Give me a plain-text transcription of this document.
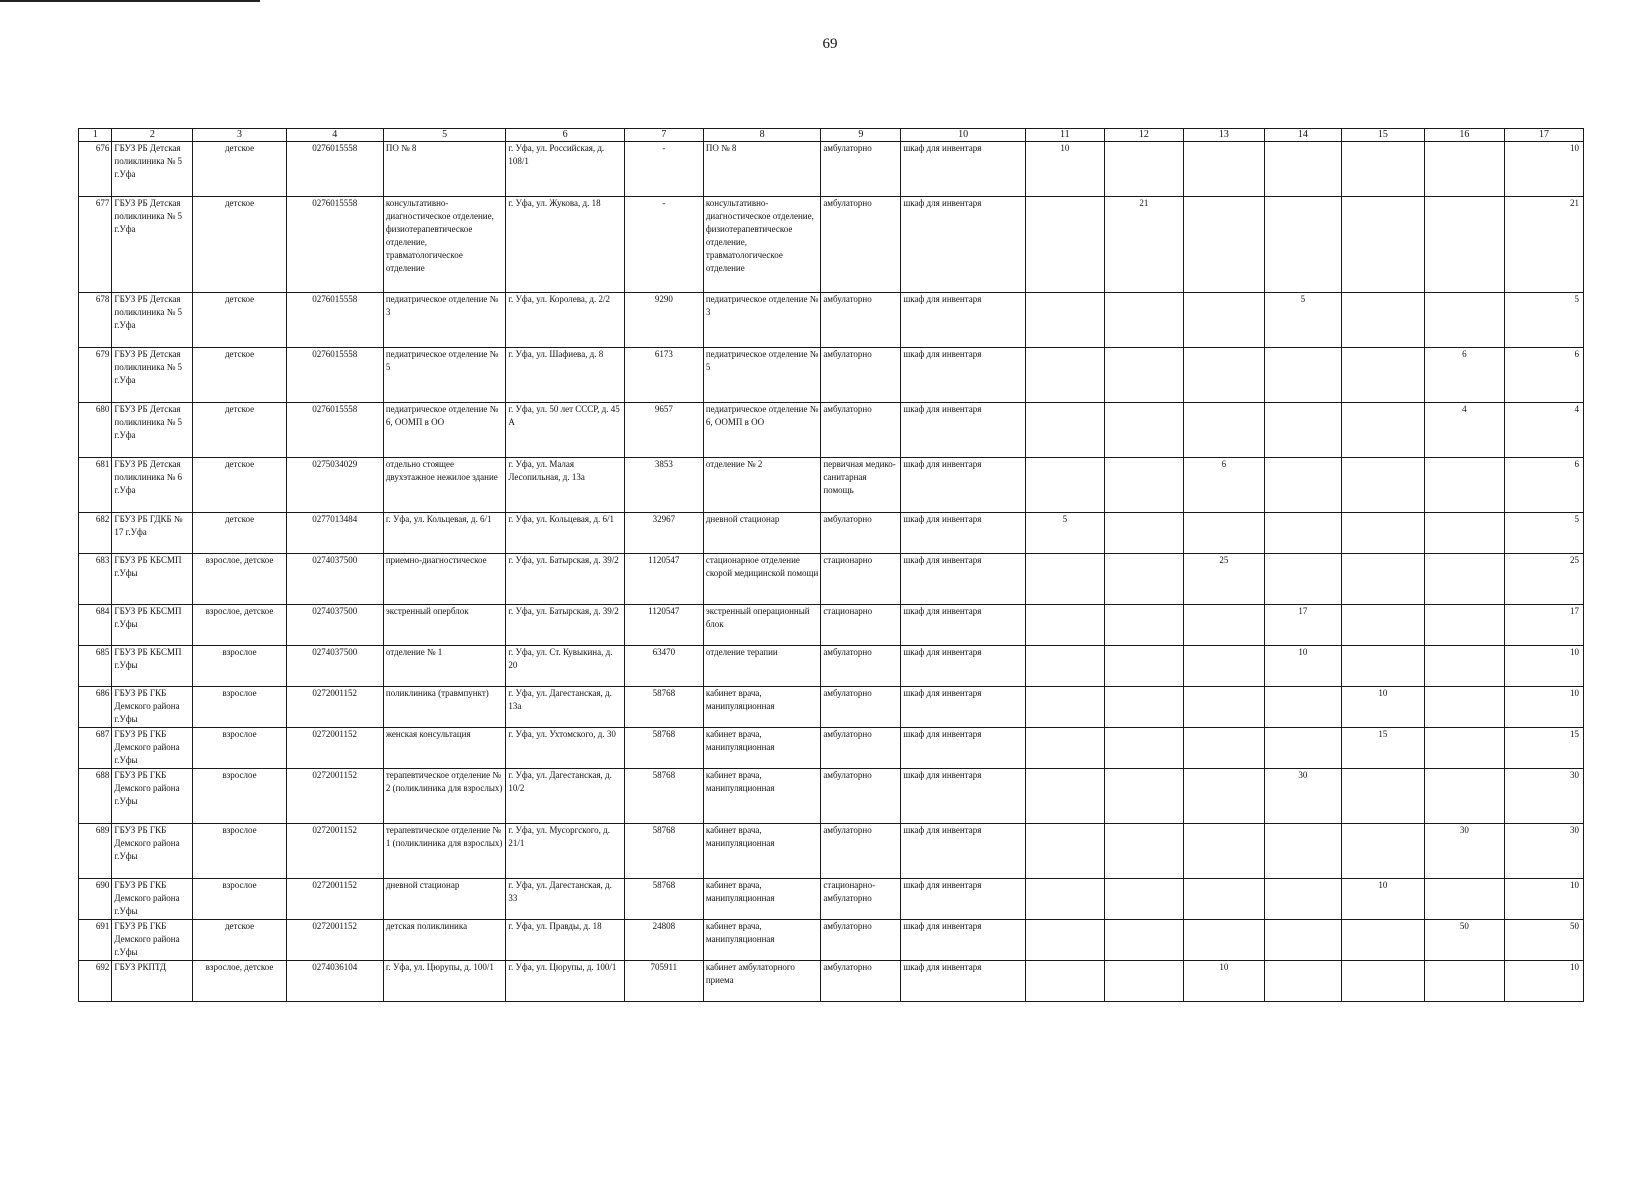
69
1	2	3	4	5	6	7	8	9	10	11	12	13	14	15	16	17
676	ГБУЗ РБ Детская поликлиника № 5 г.Уфа	детское	0276015558	ПО № 8	г. Уфа, ул. Российская, д. 108/1	-	ПО № 8	амбулаторно	шкаф для инвентаря	10						10
677	ГБУЗ РБ Детская поликлиника № 5 г.Уфа	детское	0276015558	консультативно-диагностическое отделение, физиотерапевтическое отделение, травматологическое отделение	г. Уфа, ул. Жукова, д. 18	-	консультативно-диагностическое отделение, физиотерапевтическое отделение, травматологическое отделение	амбулаторно	шкаф для инвентаря		21					21
678	ГБУЗ РБ Детская поликлиника № 5 г.Уфа	детское	0276015558	педиатрическое отделение № 3	г. Уфа, ул. Королева, д. 2/2	9290	педиатрическое отделение № 3	амбулаторно	шкаф для инвентаря				5			5
679	ГБУЗ РБ Детская поликлиника № 5 г.Уфа	детское	0276015558	педиатрическое отделение № 5	г. Уфа, ул. Шафиева, д. 8	6173	педиатрическое отделение № 5	амбулаторно	шкаф для инвентаря						6	6
680	ГБУЗ РБ Детская поликлиника № 5 г.Уфа	детское	0276015558	педиатрическое отделение № 6, ООМП в ОО	г. Уфа, ул. 50 лет СССР, д. 45 А	9657	педиатрическое отделение № 6, ООМП в ОО	амбулаторно	шкаф для инвентаря						4	4
681	ГБУЗ РБ Детская поликлиника № 6 г.Уфа	детское	0275034029	отдельно стоящее двухэтажное нежилое здание	г. Уфа, ул. Малая Лесопильная, д. 13а	3853	отделение № 2	первичная медико-санитарная помощь	шкаф для инвентаря			6				6
682	ГБУЗ РБ ГДКБ № 17 г.Уфа	детское	0277013484	г. Уфа, ул. Кольцевая, д. 6/1	г. Уфа, ул. Кольцевая, д. 6/1	32967	дневной стационар	амбулаторно	шкаф для инвентаря	5						5
683	ГБУЗ РБ КБСМП г.Уфы	взрослое, детское	0274037500	приемно-диагностическое	г. Уфа, ул. Батырская, д. 39/2	1120547	стационарное отделение скорой медицинской помощи	стационарно	шкаф для инвентаря			25				25
684	ГБУЗ РБ КБСМП г.Уфы	взрослое, детское	0274037500	экстренный оперблок	г. Уфа, ул. Батырская, д. 39/2	1120547	экстренный операционный блок	стационарно	шкаф для инвентаря				17			17
685	ГБУЗ РБ КБСМП г.Уфы	взрослое	0274037500	отделение № 1	г. Уфа, ул. Ст. Кувыкина, д. 20	63470	отделение терапии	амбулаторно	шкаф для инвентаря				10			10
686	ГБУЗ РБ ГКБ Демского района г.Уфы	взрослое	0272001152	поликлиника (травмпункт)	г. Уфа, ул. Дагестанская, д. 13а	58768	кабинет врача, манипуляционная	амбулаторно	шкаф для инвентаря					10		10
687	ГБУЗ РБ ГКБ Демского района г.Уфы	взрослое	0272001152	женская консультация	г. Уфа, ул. Ухтомского, д. 30	58768	кабинет врача, манипуляционная	амбулаторно	шкаф для инвентаря					15		15
688	ГБУЗ РБ ГКБ Демского района г.Уфы	взрослое	0272001152	терапевтическое отделение № 2 (поликлиника для взрослых)	г. Уфа, ул. Дагестанская, д. 10/2	58768	кабинет врача, манипуляционная	амбулаторно	шкаф для инвентаря				30			30
689	ГБУЗ РБ ГКБ Демского района г.Уфы	взрослое	0272001152	терапевтическое отделение № 1 (поликлиника для взрослых)	г. Уфа, ул. Мусоргского, д. 21/1	58768	кабинет врача, манипуляционная	амбулаторно	шкаф для инвентаря						30	30
690	ГБУЗ РБ ГКБ Демского района г.Уфы	взрослое	0272001152	дневной стационар	г. Уфа, ул. Дагестанская, д. 33	58768	кабинет врача, манипуляционная	стационарно-амбулаторно	шкаф для инвентаря					10		10
691	ГБУЗ РБ ГКБ Демского района г.Уфы	детское	0272001152	детская поликлиника	г. Уфа, ул. Правды, д. 18	24808	кабинет врача, манипуляционная	амбулаторно	шкаф для инвентаря						50	50
692	ГБУЗ РКПТД	взрослое, детское	0274036104	г. Уфа, ул. Цюрупы, д. 100/1	г. Уфа, ул. Цюрупы, д. 100/1	705911	кабинет амбулаторного приема	амбулаторно	шкаф для инвентаря			10				10
